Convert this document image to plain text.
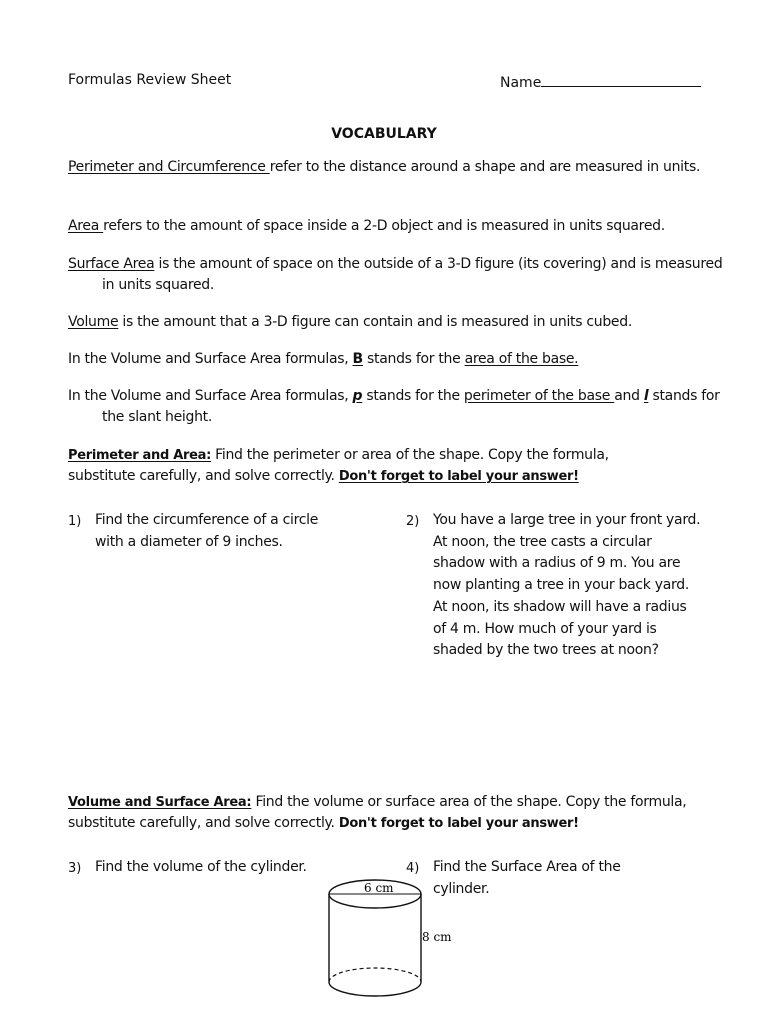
Formulas Review Sheet	Name
VOCABULARY
Perimeter and Circumference refer to the distance around a shape and are measured in units.
Area refers to the amount of space inside a 2-D object and is measured in units squared.
Surface Area is the amount of space on the outside of a 3-D figure (its covering) and is measured in units squared.
Volume is the amount that a 3-D figure can contain and is measured in units cubed.
In the Volume and Surface Area formulas, B stands for the area of the base.
In the Volume and Surface Area formulas, p stands for the perimeter of the base and l stands for the slant height.
Perimeter and Area: Find the perimeter or area of the shape. Copy the formula, substitute carefully, and solve correctly. Don't forget to label your answer!
1) Find the circumference of a circle with a diameter of 9 inches.
2) You have a large tree in your front yard. At noon, the tree casts a circular shadow with a radius of 9 m. You are now planting a tree in your back yard. At noon, its shadow will have a radius of 4 m. How much of your yard is shaded by the two trees at noon?
Volume and Surface Area: Find the volume or surface area of the shape. Copy the formula, substitute carefully, and solve correctly. Don't forget to label your answer!
3) Find the volume of the cylinder.	4) Find the Surface Area of the cylinder.
6 cm
8 cm
